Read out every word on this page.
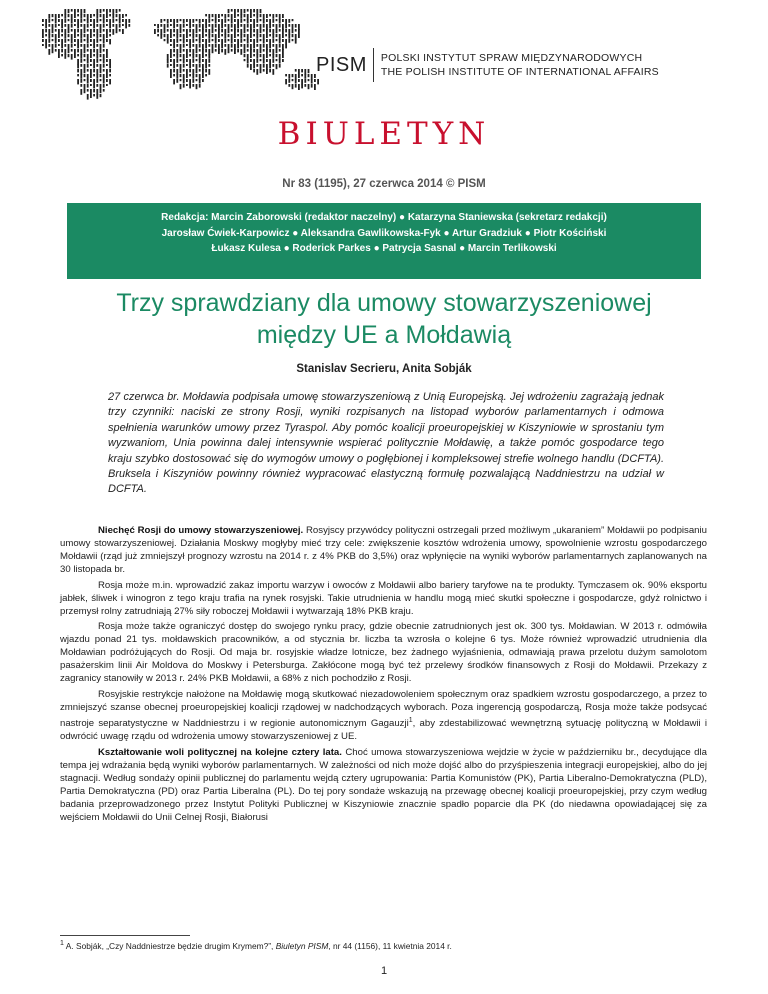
PISM POLSKI INSTYTUT SPRAW MIĘDZYNARODOWYCH
THE POLISH INSTITUTE OF INTERNATIONAL AFFAIRS
BIULETYN
Nr 83 (1195), 27 czerwca 2014 © PISM
Redakcja: Marcin Zaborowski (redaktor naczelny) ● Katarzyna Staniewska (sekretarz redakcji)
Jarosław Ćwiek-Karpowicz ● Aleksandra Gawlikowska-Fyk ● Artur Gradziuk ● Piotr Kościński
Łukasz Kulesa ● Roderick Parkes ● Patrycja Sasnal ● Marcin Terlikowski
Trzy sprawdziany dla umowy stowarzyszeniowej
między UE a Mołdawią
Stanislav Secrieru, Anita Sobják

27 czerwca br. Mołdawia podpisała umowę stowarzyszeniową z Unią Europejską. Jej wdrożeniu zagrażają jednak trzy czynniki: naciski ze strony Rosji, wyniki rozpisanych na listopad wyborów parlamentarnych i odmowa spełnienia warunków umowy przez Tyraspol. Aby pomóc koalicji proeuropejskiej w Kiszyniowie w sprostaniu tym wyzwaniom, Unia powinna dalej intensywnie wspierać politycznie Mołdawię, a także pomóc gospodarce tego kraju szybko dostosować się do wymogów umowy o pogłębionej i kompleksowej strefie wolnego handlu (DCFTA). Bruksela i Kiszyniów powinny również wypracować elastyczną formułę pozwalającą Naddniestrzu na udział w DCFTA.

Niechęć Rosji do umowy stowarzyszeniowej. Rosyjscy przywódcy polityczni ostrzegali przed możliwym „ukaraniem” Mołdawii po podpisaniu umowy stowarzyszeniowej. Działania Moskwy mogłyby mieć trzy cele: zwiększenie kosztów wdrożenia umowy, spowolnienie wzrostu gospodarczego Mołdawii (rząd już zmniejszył prognozy wzrostu na 2014 r. z 4% PKB do 3,5%) oraz wpłynięcie na wyniki wyborów parlamentarnych zaplanowanych na 30 listopada br.

Rosja może m.in. wprowadzić zakaz importu warzyw i owoców z Mołdawii albo bariery taryfowe na te produkty. Tymczasem ok. 90% eksportu jabłek, śliwek i winogron z tego kraju trafia na rynek rosyjski. Takie utrudnienia w handlu mogą mieć skutki społeczne i gospodarcze, gdyż rolnictwo i przemysł rolny zatrudniają 27% siły roboczej Mołdawii i wytwarzają 18% PKB kraju.

Rosja może także ograniczyć dostęp do swojego rynku pracy, gdzie obecnie zatrudnionych jest ok. 300 tys. Mołdawian. W 2013 r. odmówiła wjazdu ponad 21 tys. mołdawskich pracowników, a od stycznia br. liczba ta wzrosła o kolejne 6 tys. Może również wprowadzić utrudnienia dla Mołdawian podróżujących do Rosji. Od maja br. rosyjskie władze lotnicze, bez żadnego wyjaśnienia, odmawiają prawa przelotu dużym samolotom pasażerskim linii Air Moldova do Moskwy i Petersburga. Zakłócone mogą być też przelewy środków finansowych z Rosji do Mołdawii. Przekazy z zagranicy stanowiły w 2013 r. 24% PKB Mołdawii, a 68% z nich pochodziło z Rosji.

Rosyjskie restrykcje nałożone na Mołdawię mogą skutkować niezadowoleniem społecznym oraz spadkiem wzrostu gospodarczego, a przez to zmniejszyć szanse obecnej proeuropejskiej koalicji rządowej w nadchodzących wyborach. Poza ingerencją gospodarczą, Rosja może także podsycać nastroje separatystyczne w Naddniestrzu i w regionie autonomicznym Gagauzji$^1$, aby zdestabilizować wewnętrzną sytuację polityczną w Mołdawii i odwrócić uwagę rządu od wdrożenia umowy stowarzyszeniowej z UE.

Kształtowanie woli politycznej na kolejne cztery lata. Choć umowa stowarzyszeniowa wejdzie w życie w październiku br., decydujące dla tempa jej wdrażania będą wyniki wyborów parlamentarnych. W zależności od nich może dojść albo do przyśpieszenia integracji europejskiej, albo do jej stagnacji. Według sondaży opinii publicznej do parlamentu wejdą cztery ugrupowania: Partia Komunistów (PK), Partia Liberalno-Demokratyczna (PLD), Partia Demokratyczna (PD) oraz Partia Liberalna (PL). Do tej pory sondaże wskazują na przewagę obecnej koalicji proeuropejskiej, przy czym według badania przeprowadzonego przez Instytut Polityki Publicznej w Kiszyniowie znacznie spadło poparcie dla PK (do niedawna opowiadającej się za wejściem Mołdawii do Unii Celnej Rosji, Białorusi

$^1$ A. Sobják, „Czy Naddniestrze będzie drugim Krymem?”, Biuletyn PISM, nr 44 (1156), 11 kwietnia 2014 r.
1
